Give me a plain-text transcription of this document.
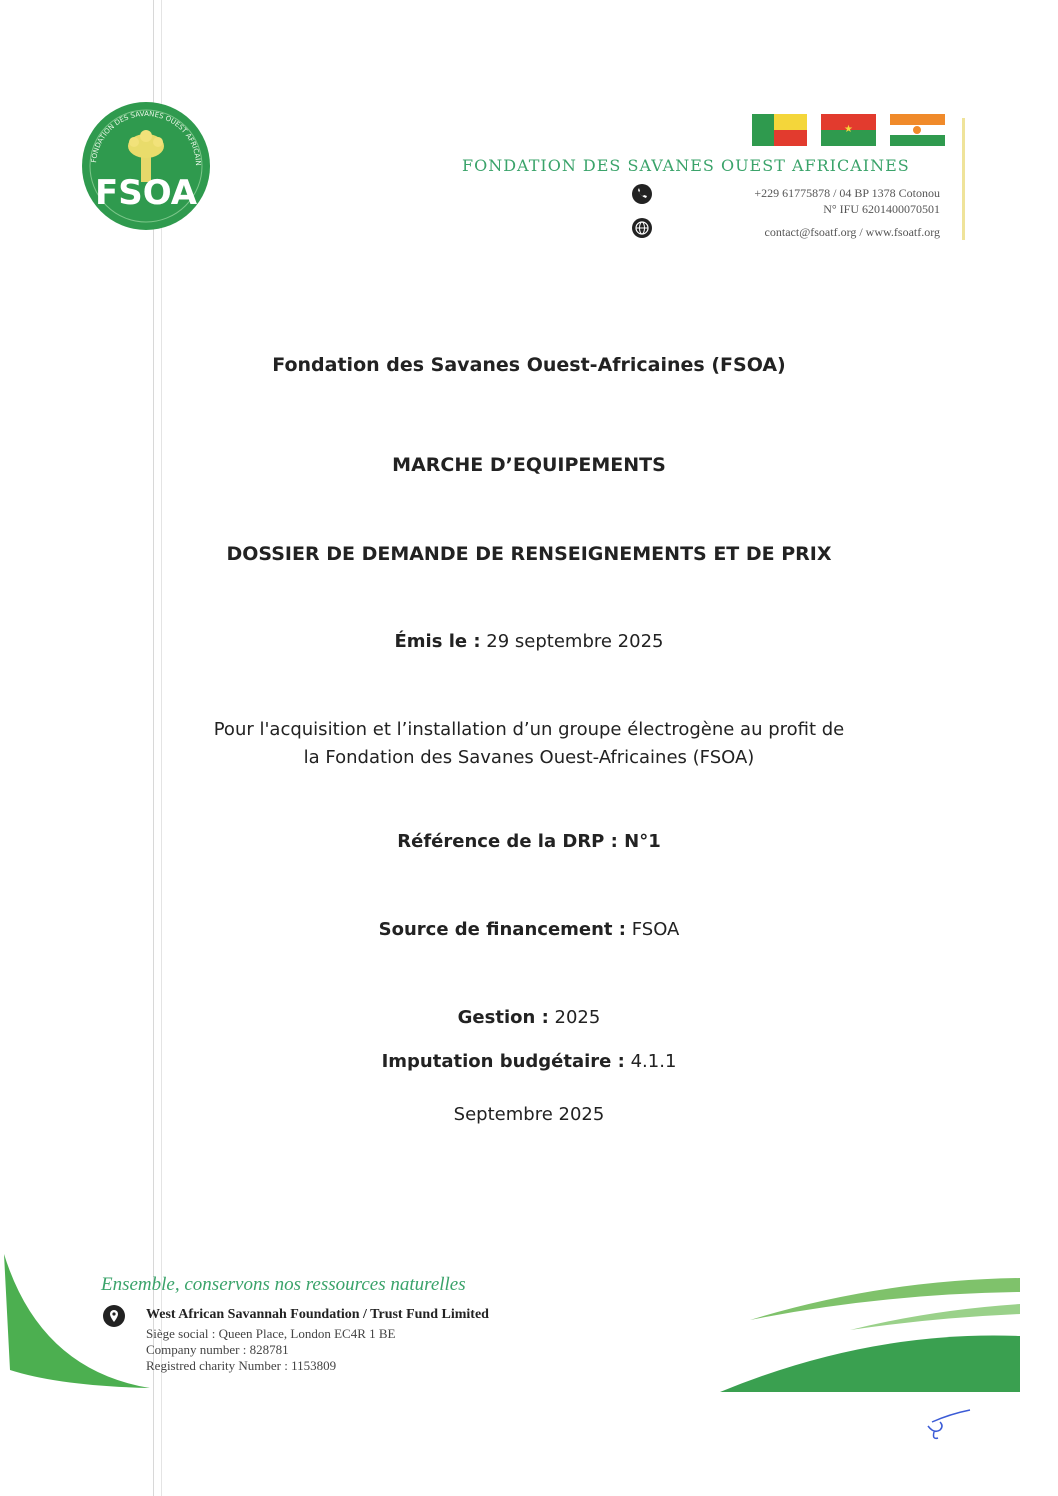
FONDATION DES SAVANES OUEST AFRICAIN
FSOA
★
FONDATION DES SAVANES OUEST AFRICAINES
+229 61775878 / 04 BP 1378 Cotonou
N° IFU 6201400070501
contact@fsoatf.org / www.fsoatf.org
Fondation des Savanes Ouest-Africaines (FSOA)
MARCHE D’EQUIPEMENTS
DOSSIER DE DEMANDE DE RENSEIGNEMENTS ET DE PRIX
Émis le : 29 septembre 2025
Pour l'acquisition et l’installation d’un groupe électrogène au profit de
la Fondation des Savanes Ouest-Africaines (FSOA)
Référence de la DRP : N°1
Source de financement : FSOA
Gestion : 2025
Imputation budgétaire : 4.1.1
Septembre 2025
Ensemble, conservons nos ressources naturelles
West African Savannah Foundation / Trust Fund Limited
Siège social : Queen Place, London EC4R 1 BE
Company number : 828781
Registred charity Number : 1153809
